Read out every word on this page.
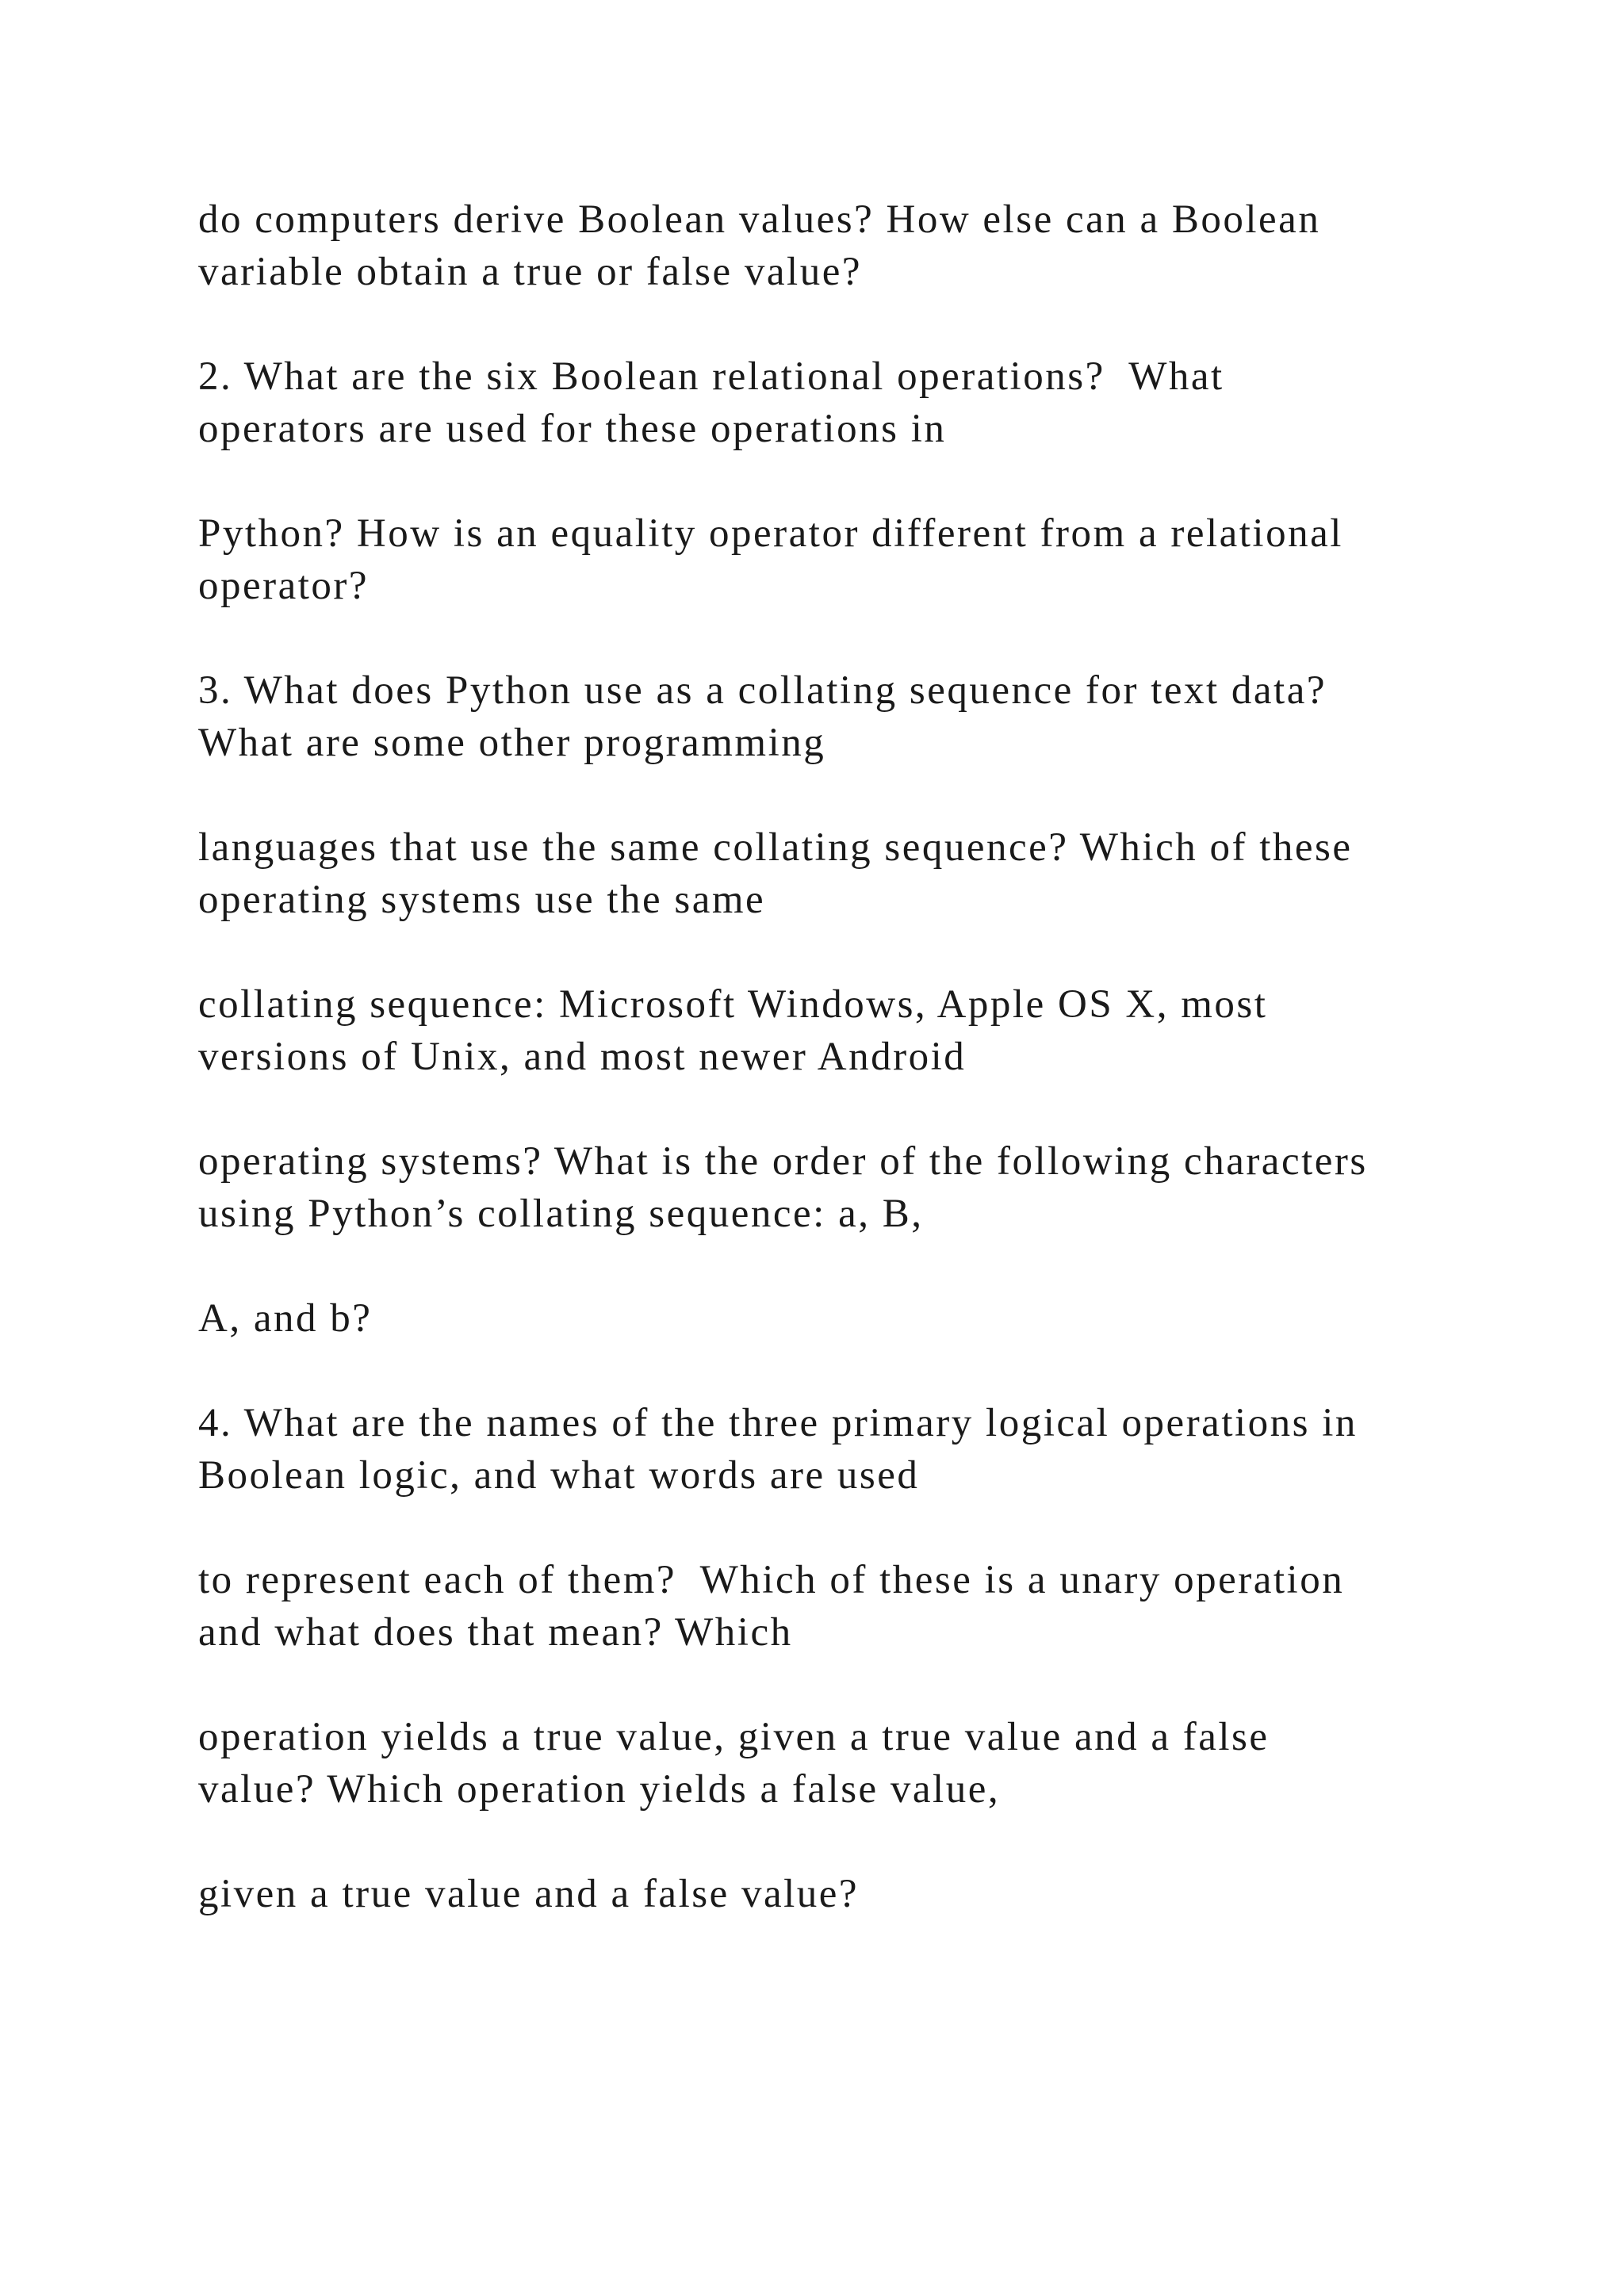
do computers derive Boolean values? How else can a Boolean
variable obtain a true or false value?

2. What are the six Boolean relational operations?  What
operators are used for these operations in

Python? How is an equality operator different from a relational
operator?

3. What does Python use as a collating sequence for text data?
What are some other programming

languages that use the same collating sequence? Which of these
operating systems use the same

collating sequence: Microsoft Windows, Apple OS X, most
versions of Unix, and most newer Android

operating systems? What is the order of the following characters
using Python’s collating sequence: a, B,

A, and b?

4. What are the names of the three primary logical operations in
Boolean logic, and what words are used

to represent each of them?  Which of these is a unary operation
and what does that mean? Which

operation yields a true value, given a true value and a false
value? Which operation yields a false value,

given a true value and a false value?
